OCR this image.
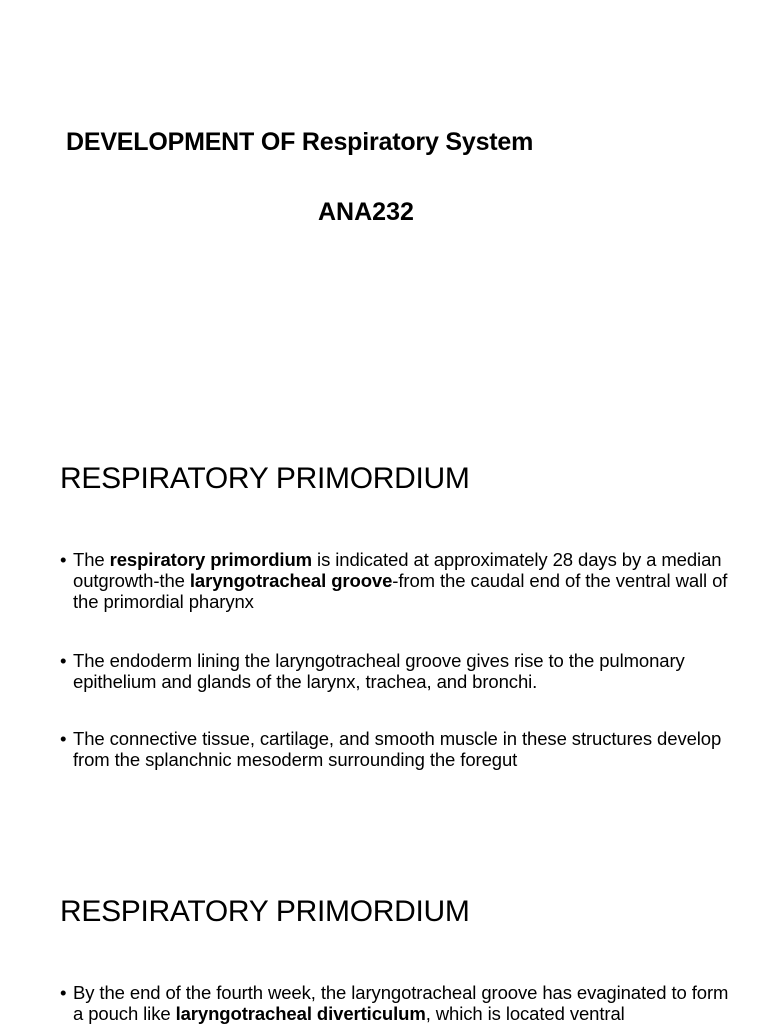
DEVELOPMENT OF Respiratory System
ANA232
RESPIRATORY PRIMORDIUM
• The respiratory primordium is indicated at approximately 28 days by a median outgrowth-the laryngotracheal groove-from the caudal end of the ventral wall of the primordial pharynx
• The endoderm lining the laryngotracheal groove gives rise to the pulmonary epithelium and glands of the larynx, trachea, and bronchi.
• The connective tissue, cartilage, and smooth muscle in these structures develop from the splanchnic mesoderm surrounding the foregut
RESPIRATORY PRIMORDIUM
• By the end of the fourth week, the laryngotracheal groove has evaginated to form a pouch like laryngotracheal diverticulum, which is located ventral
